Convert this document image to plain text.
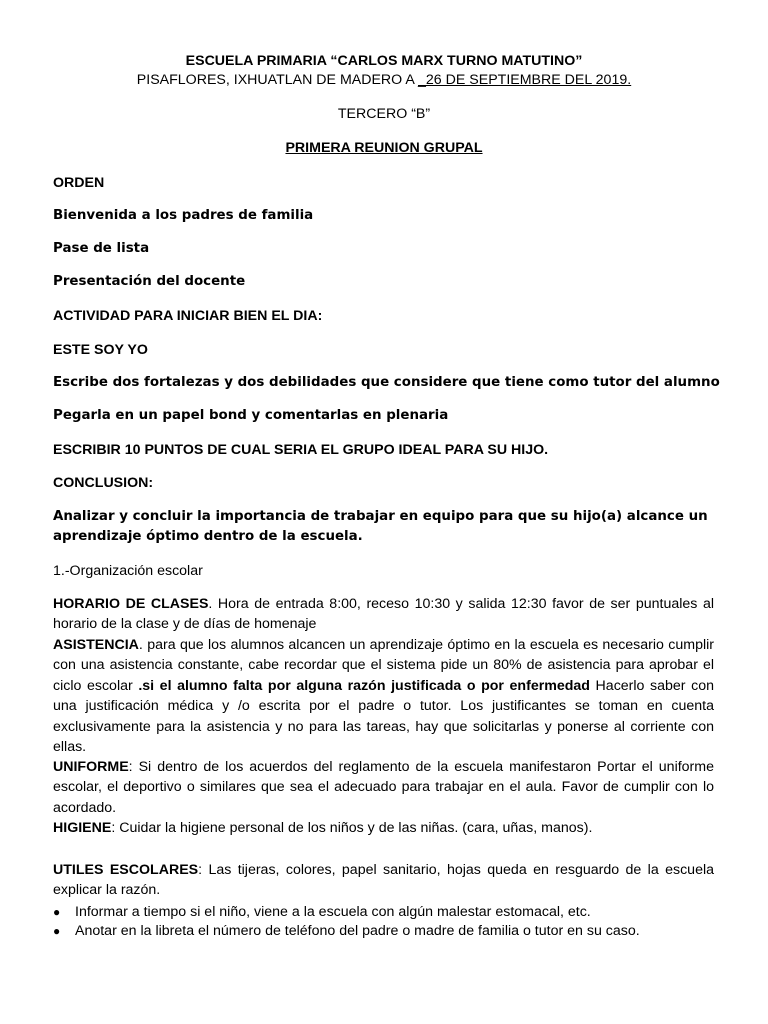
ESCUELA PRIMARIA “CARLOS MARX TURNO MATUTINO”
PISAFLORES, IXHUATLAN DE MADERO A _26 DE SEPTIEMBRE DEL 2019.
TERCERO “B”
PRIMERA REUNION GRUPAL
ORDEN
Bienvenida a los padres de familia
Pase de lista
Presentación del docente
ACTIVIDAD PARA INICIAR BIEN EL DIA:
ESTE SOY YO
Escribe dos fortalezas y dos debilidades que considere que tiene como tutor del alumno
Pegarla en un papel bond y comentarlas en plenaria
ESCRIBIR 10 PUNTOS DE CUAL SERIA EL GRUPO IDEAL PARA SU HIJO.
CONCLUSION:
Analizar y concluir la importancia de trabajar en equipo para que su hijo(a) alcance un
aprendizaje óptimo dentro de la escuela.
1.-Organización escolar
HORARIO DE CLASES. Hora de entrada 8:00, receso 10:30 y salida 12:30 favor de ser puntuales al horario de la clase y de días de homenaje
ASISTENCIA. para que los alumnos alcancen un aprendizaje óptimo en la escuela es necesario cumplir con una asistencia constante, cabe recordar que el sistema pide un 80% de asistencia para aprobar el ciclo escolar .si el alumno falta por alguna razón justificada o por enfermedad Hacerlo saber con una justificación médica y /o escrita por el padre o tutor. Los justificantes se toman en cuenta exclusivamente para la asistencia y no para las tareas, hay que solicitarlas y ponerse al corriente con ellas.
UNIFORME: Si dentro de los acuerdos del reglamento de la escuela manifestaron Portar el uniforme escolar, el deportivo o similares que sea el adecuado para trabajar en el aula. Favor de cumplir con lo acordado.
HIGIENE: Cuidar la higiene personal de los niños y de las niñas. (cara, uñas, manos).
UTILES ESCOLARES: Las tijeras, colores, papel sanitario, hojas queda en resguardo de la escuela explicar la razón.
● Informar a tiempo si el niño, viene a la escuela con algún malestar estomacal, etc.
● Anotar en la libreta el número de teléfono del padre o madre de familia o tutor en su caso.
